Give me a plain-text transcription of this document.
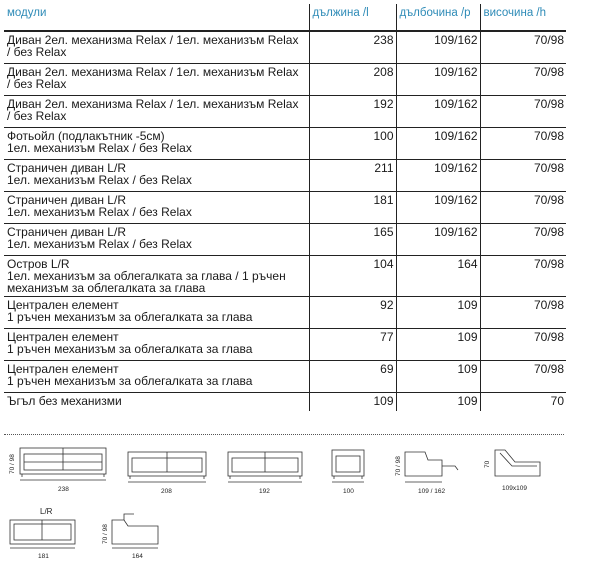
модули	дължина /l	дълбочина /p	височина /h

Диван 2ел. механизма Relax / 1ел. механизъм Relax
/ без Relax	238	109/162	70/98

Диван 2ел. механизма Relax / 1ел. механизъм Relax
/ без Relax	208	109/162	70/98

Диван 2ел. механизма Relax / 1ел. механизъм Relax
/ без Relax	192	109/162	70/98

Фотьойл (подлакътник -5см)
1ел. механизъм Relax / без Relax	100	109/162	70/98

Страничен диван L/R
1ел. механизъм Relax / без Relax	211	109/162	70/98

Страничен диван L/R
1ел. механизъм Relax / без Relax	181	109/162	70/98

Страничен диван L/R
1ел. механизъм Relax / без Relax	165	109/162	70/98

Остров L/R
1ел. механизъм за облегалката за глава / 1 ръчен
механизъм за облегалката за глава	104	164	70/98

Централен елемент
1 ръчен механизъм за облегалката за глава	92	109	70/98

Централен елемент
1 ръчен механизъм за облегалката за глава	77	109	70/98

Централен елемент
1 ръчен механизъм за облегалката за глава	69	109	70/98

Ъгъл без механизми	109	109	70
70 / 98
238	208	192	100
70 / 98
109 / 162
70
109x109
L/R
181
70 / 98
164
